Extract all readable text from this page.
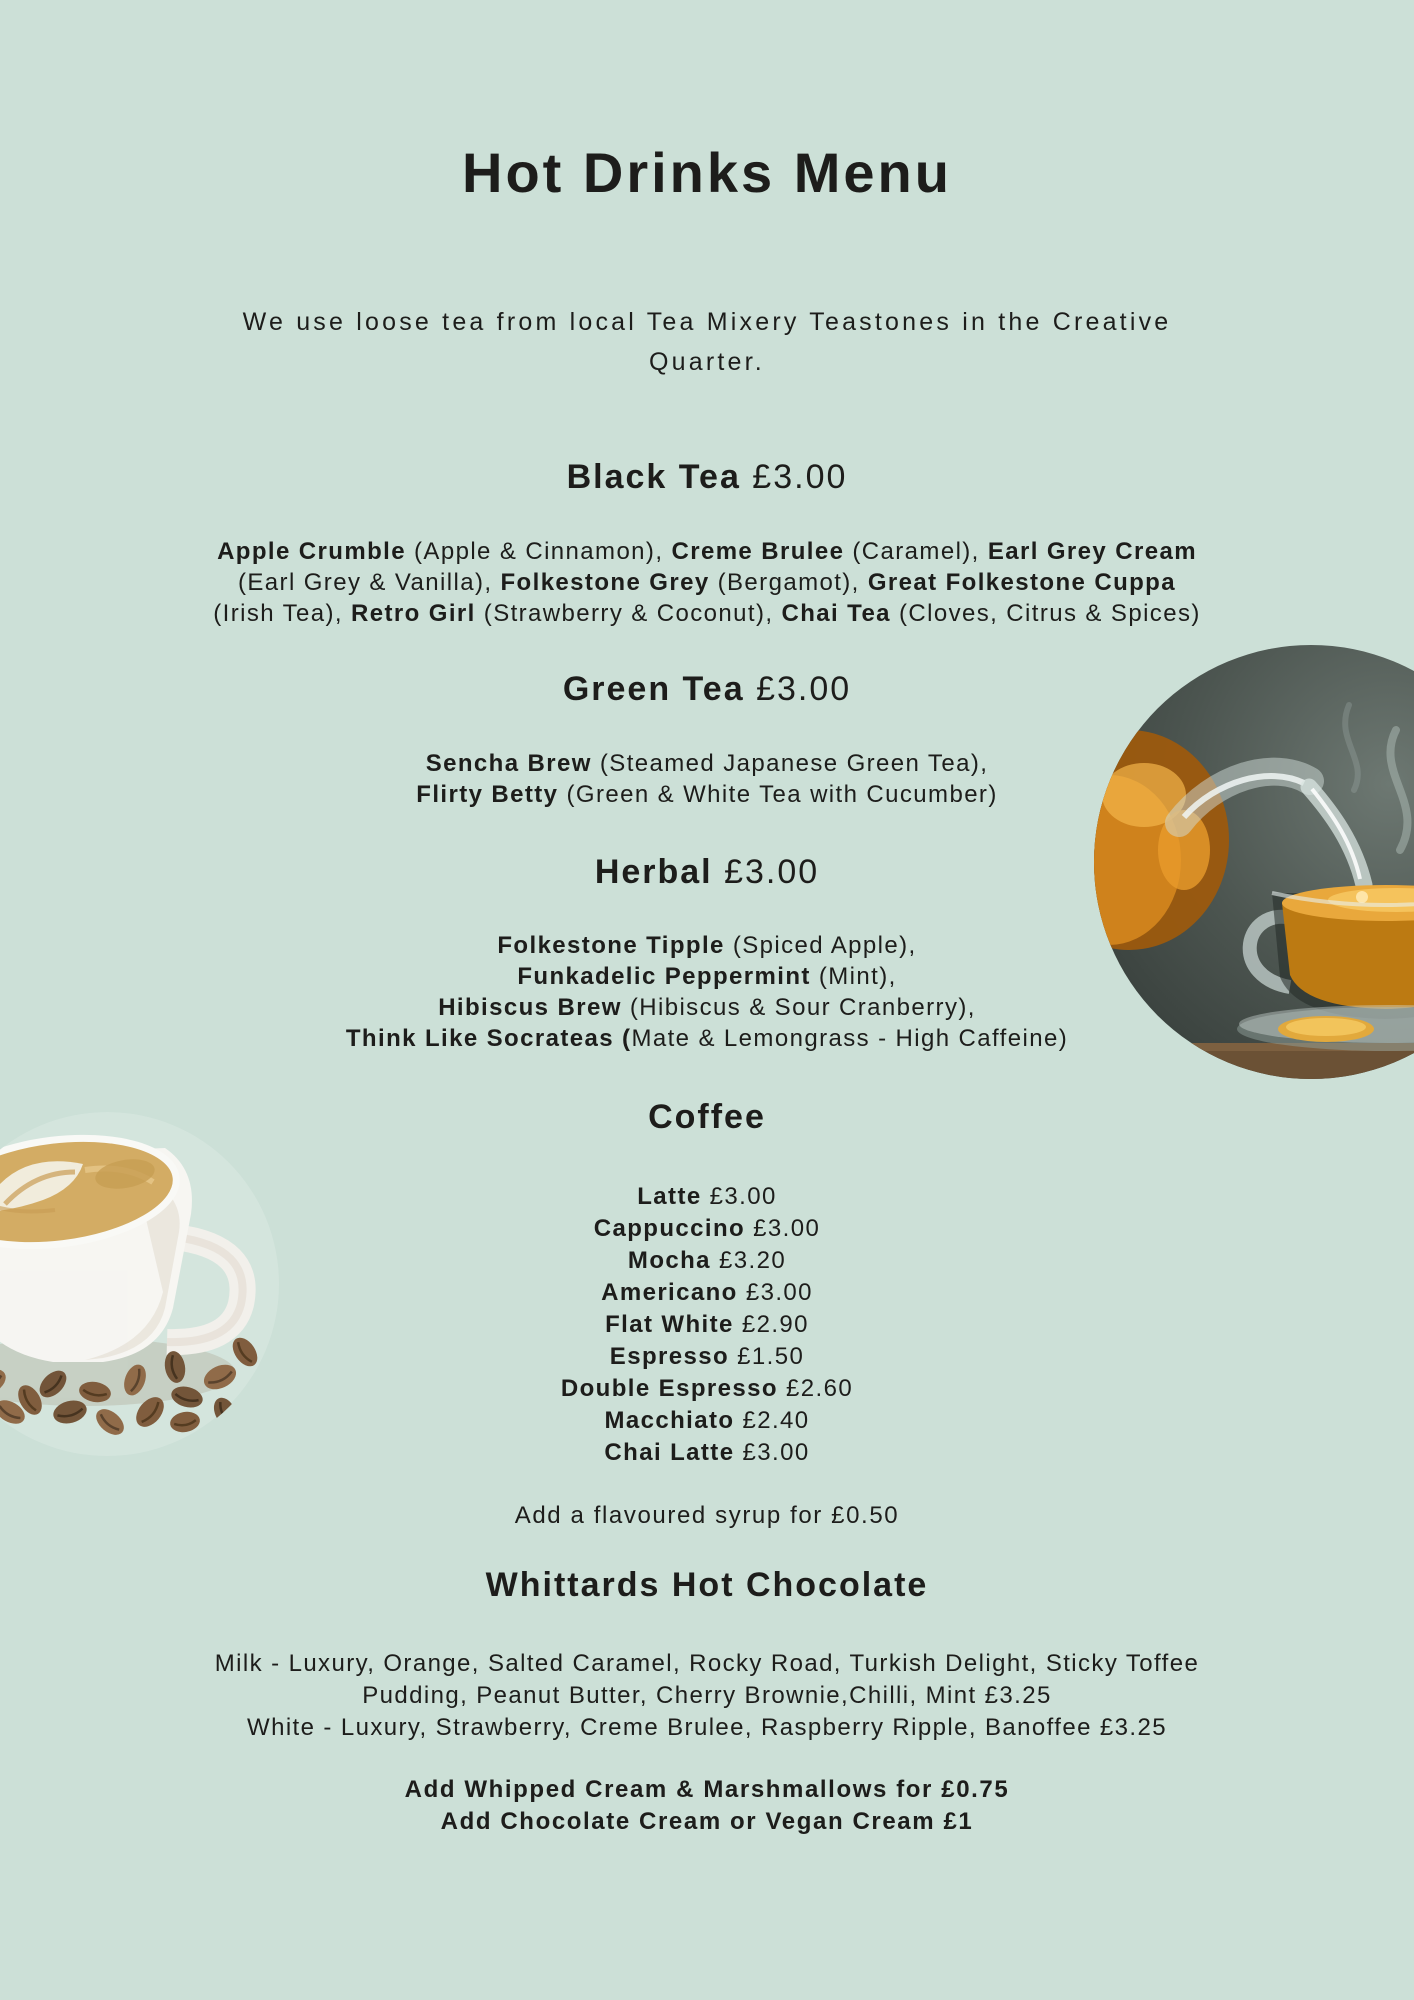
Hot Drinks Menu
We use loose tea from local Tea Mixery Teastones in the Creative
Quarter.
Black Tea £3.00
Apple Crumble (Apple & Cinnamon), Creme Brulee (Caramel), Earl Grey Cream
(Earl Grey & Vanilla), Folkestone Grey (Bergamot), Great Folkestone Cuppa
(Irish Tea), Retro Girl (Strawberry & Coconut), Chai Tea (Cloves, Citrus & Spices)
Green Tea £3.00
Sencha Brew (Steamed Japanese Green Tea),
Flirty Betty (Green & White Tea with Cucumber)
Herbal £3.00
Folkestone Tipple (Spiced Apple),
Funkadelic Peppermint (Mint),
Hibiscus Brew (Hibiscus & Sour Cranberry),
Think Like Socrateas (Mate & Lemongrass - High Caffeine)
Coffee
Latte £3.00
Cappuccino £3.00
Mocha £3.20
Americano £3.00
Flat White £2.90
Espresso £1.50
Double Espresso £2.60
Macchiato £2.40
Chai Latte £3.00
Add a flavoured syrup for £0.50
Whittards Hot Chocolate
Milk - Luxury, Orange, Salted Caramel, Rocky Road, Turkish Delight, Sticky Toffee
Pudding, Peanut Butter, Cherry Brownie,Chilli, Mint £3.25
White - Luxury, Strawberry, Creme Brulee, Raspberry Ripple, Banoffee £3.25
Add Whipped Cream & Marshmallows for £0.75
Add Chocolate Cream or Vegan Cream £1
